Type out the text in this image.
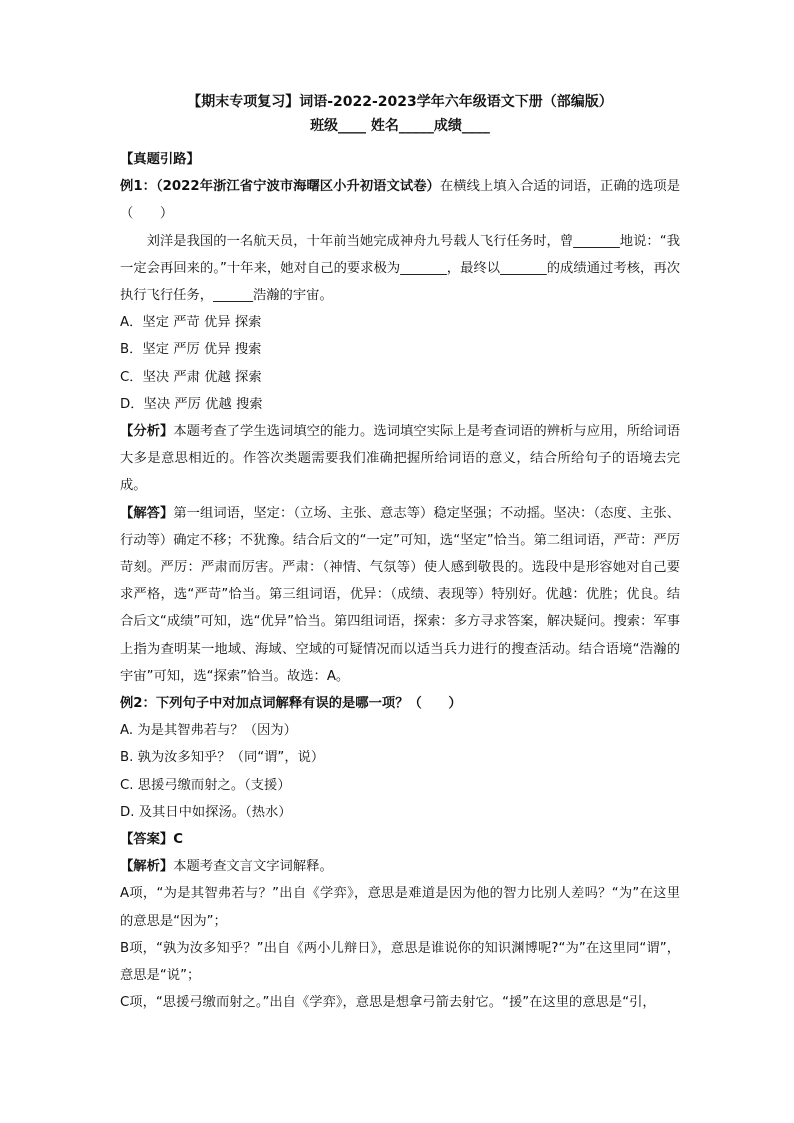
【期末专项复习】词语-2022-2023学年六年级语文下册（部编版）

班级____ 姓名_____成绩____

【真题引路】

例1：（2022年浙江省宁波市海曙区小升初语文试卷）在横线上填入合适的词语，正确的选项是（　　）

刘洋是我国的一名航天员，十年前当她完成神舟九号载人飞行任务时，曾_______地说：“我一定会再回来的。”十年来，她对自己的要求极为_______，最终以_______的成绩通过考核，再次执行飞行任务，______浩瀚的宇宙。

A．坚定 严苛 优异 探索

B．坚定 严厉 优异 搜索

C．坚决 严肃 优越 探索

D．坚决 严厉 优越 搜索

【分析】本题考查了学生选词填空的能力。选词填空实际上是考查词语的辨析与应用，所给词语大多是意思相近的。作答次类题需要我们准确把握所给词语的意义，结合所给句子的语境去完成。

【解答】第一组词语，坚定：（立场、主张、意志等）稳定坚强；不动摇。坚决：（态度、主张、行动等）确定不移；不犹豫。结合后文的“一定”可知，选“坚定”恰当。第二组词语，严苛：严厉苛刻。严厉：严肃而厉害。严肃：（神情、气氛等）使人感到敬畏的。选段中是形容她对自己要求严格，选“严苛”恰当。第三组词语，优异：（成绩、表现等）特别好。优越：优胜；优良。结合后文“成绩”可知，选“优异”恰当。第四组词语，探索：多方寻求答案，解决疑问。搜索：军事上指为查明某一地域、海域、空域的可疑情况而以适当兵力进行的搜查活动。结合语境“浩瀚的宇宙”可知，选“探索”恰当。故选：A。

例2：下列句子中对加点词解释有误的是哪一项？（　　）

A. 为是其智弗若与？（因为）

B. 孰为汝多知乎？（同“谓”，说）

C. 思援弓缴而射之。（支援）

D. 及其日中如探汤。（热水）

【答案】C

【解析】本题考查文言文字词解释。

A项，“为是其智弗若与？”出自《学弈》，意思是难道是因为他的智力比别人差吗？“为”在这里的意思是“因为”；

B项，“孰为汝多知乎？”出自《两小儿辩日》，意思是谁说你的知识渊博呢?“为”在这里同“谓”，意思是“说”；

C项，“思援弓缴而射之。”出自《学弈》，意思是想拿弓箭去射它。“援”在这里的意思是“引，
